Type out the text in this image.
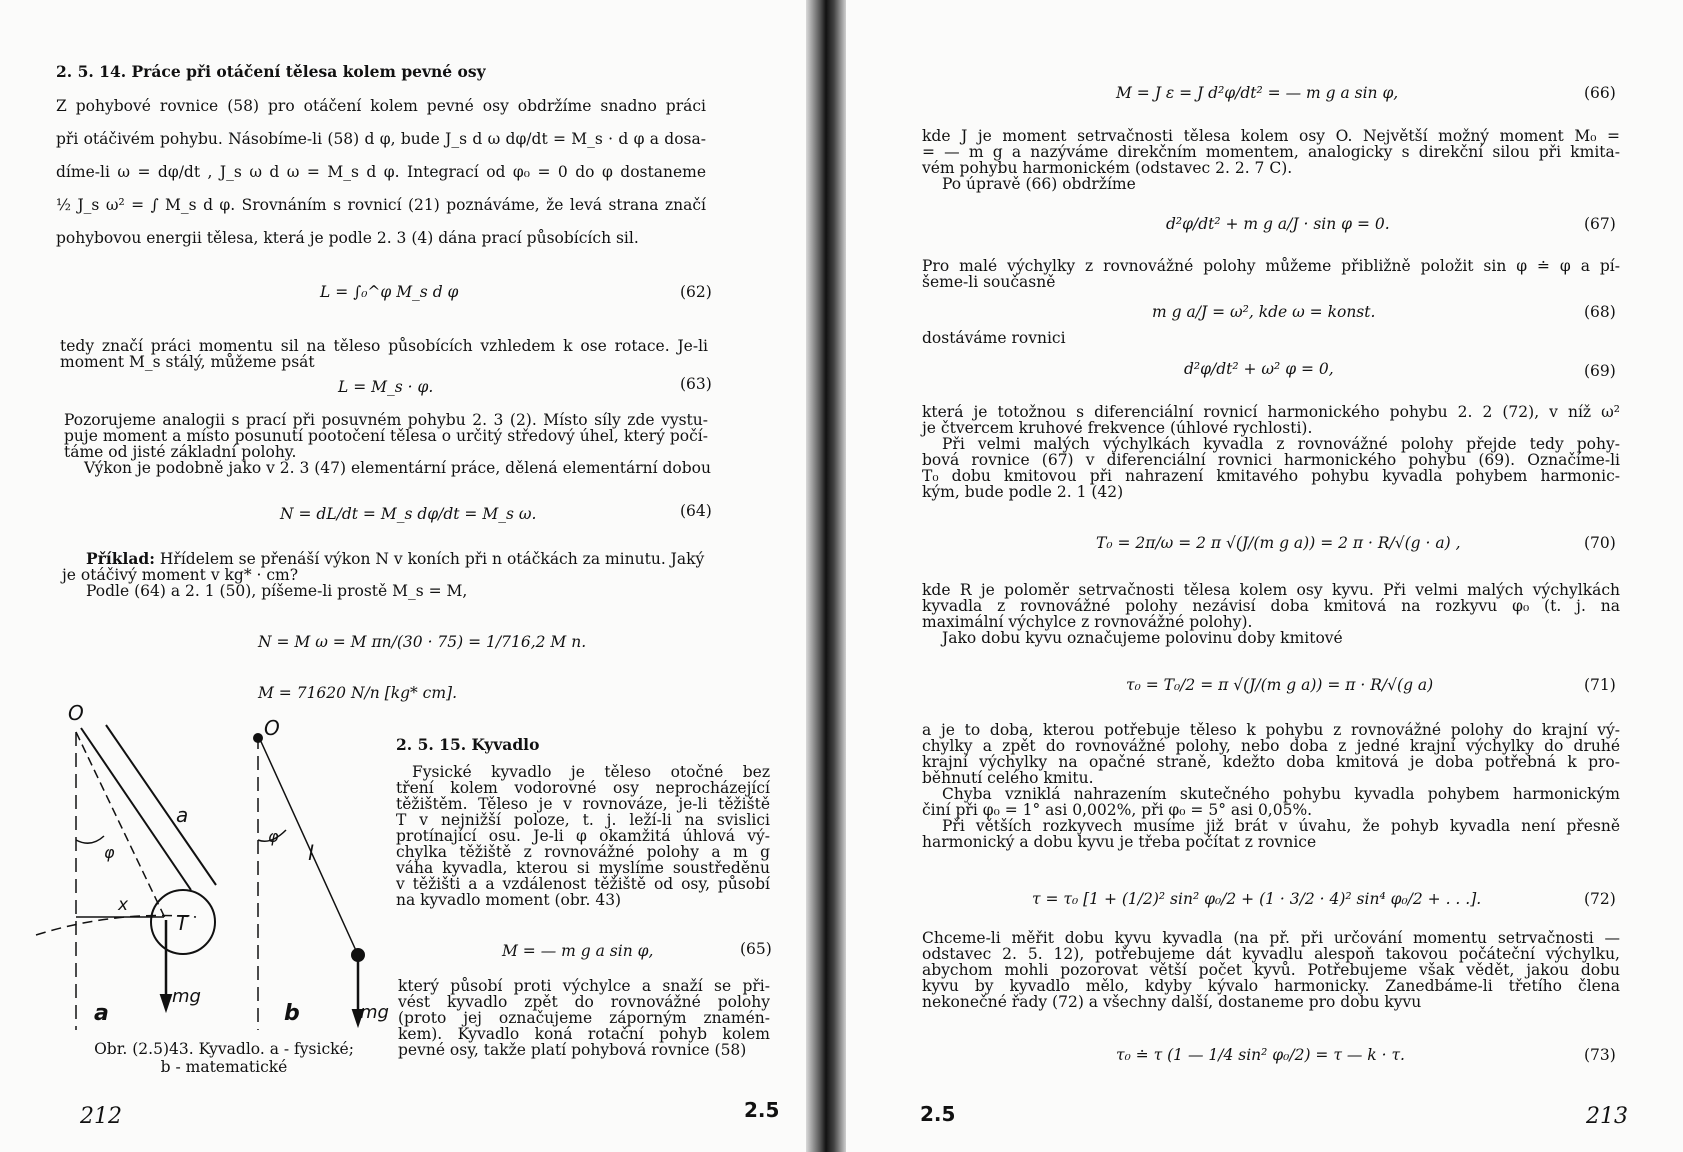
2. 5. 14. Práce při otáčení tělesa kolem pevné osy
Z pohybové rovnice (58) pro otáčení kolem pevné osy obdržíme snadno práci
při otáčivém pohybu. Násobíme-li (58) d φ, bude J_s d ω dφ/dt = M_s · d φ a dosa-
díme-li ω = dφ/dt , J_s ω d ω = M_s d φ. Integrací od φ₀ = 0 do φ dostaneme
½ J_s ω² = ∫ M_s d φ. Srovnáním s rovnicí (21) poznáváme, že levá strana značí
pohybovou energii tělesa, která je podle 2. 3 (4) dána prací působících sil.
L = ∫₀^φ M_s d φ	(62)
tedy značí práci momentu sil na těleso působících vzhledem k ose rotace. Je-li
moment M_s stálý, můžeme psát
L = M_s · φ.	(63)
Pozorujeme analogii s prací při posuvném pohybu 2. 3 (2). Místo síly zde vystu-
puje moment a místo posunutí pootočení tělesa o určitý středový úhel, který počí-
táme od jisté základní polohy.
Výkon je podobně jako v 2. 3 (47) elementární práce, dělená elementární dobou
N = dL/dt = M_s dφ/dt = M_s ω.	(64)
Příklad: Hřídelem se přenáší výkon N v koních při n otáčkách za minutu. Jaký
je otáčivý moment v kg* · cm?
Podle (64) a 2. 1 (50), píšeme-li prostě M_s = M,
N = M ω = M πn/(30 · 75) = 1/716,2 M n.
M = 71620 N/n [kg* cm].
O
a
φ
x
T
mg
a
O
φ
l
mg
b
Obr. (2.5)43. Kyvadlo. a - fysické;
b - matematické
2. 5. 15. Kyvadlo
Fysické kyvadlo je těleso otočné bez
tření kolem vodorovné osy neprocházející
těžištěm. Těleso je v rovnováze, je-li těžiště
T v nejnižší poloze, t. j. leží-li na svislici
protínající osu. Je-li φ okamžitá úhlová vý-
chylka těžiště z rovnovážné polohy a m g
váha kyvadla, kterou si myslíme soustředěnu
v těžišti a a vzdálenost těžiště od osy, působí
na kyvadlo moment (obr. 43)
M = — m g a sin φ,	(65)
který působí proti výchylce a snaží se při-
vést kyvadlo zpět do rovnovážné polohy
(proto jej označujeme záporným znamén-
kem). Kyvadlo koná rotační pohyb kolem
pevné osy, takže platí pohybová rovnice (58)
212	2.5
M = J ε = J d²φ/dt² = — m g a sin φ,	(66)
kde J je moment setrvačnosti tělesa kolem osy O. Největší možný moment M₀ =
= — m g a nazýváme direkčním momentem, analogicky s direkční silou při kmita-
vém pohybu harmonickém (odstavec 2. 2. 7 C).
Po úpravě (66) obdržíme
d²φ/dt² + m g a/J · sin φ = 0.	(67)
Pro malé výchylky z rovnovážné polohy můžeme přibližně položit sin φ ≐ φ a pí-
šeme-li současně
m g a/J = ω², kde ω = konst.	(68)
dostáváme rovnici
d²φ/dt² + ω² φ = 0,	(69)
která je totožnou s diferenciální rovnicí harmonického pohybu 2. 2 (72), v níž ω²
je čtvercem kruhové frekvence (úhlové rychlosti).
Při velmi malých výchylkách kyvadla z rovnovážné polohy přejde tedy pohy-
bová rovnice (67) v diferenciální rovnici harmonického pohybu (69). Označíme-li
T₀ dobu kmitovou při nahrazení kmitavého pohybu kyvadla pohybem harmonic-
kým, bude podle 2. 1 (42)
T₀ = 2π/ω = 2 π √(J/(m g a)) = 2 π · R/√(g · a) ,	(70)
kde R je poloměr setrvačnosti tělesa kolem osy kyvu. Při velmi malých výchylkách
kyvadla z rovnovážné polohy nezávisí doba kmitová na rozkyvu φ₀ (t. j. na
maximální výchylce z rovnovážné polohy).
Jako dobu kyvu označujeme polovinu doby kmitové
τ₀ = T₀/2 = π √(J/(m g a)) = π · R/√(g a)	(71)
a je to doba, kterou potřebuje těleso k pohybu z rovnovážné polohy do krajní vý-
chylky a zpět do rovnovážné polohy, nebo doba z jedné krajní výchylky do druhé
krajní výchylky na opačné straně, kdežto doba kmitová je doba potřebná k pro-
běhnutí celého kmitu.
Chyba vzniklá nahrazením skutečného pohybu kyvadla pohybem harmonickým
činí při φ₀ = 1° asi 0,002%, při φ₀ = 5° asi 0,05%.
Při větších rozkyvech musíme již brát v úvahu, že pohyb kyvadla není přesně
harmonický a dobu kyvu je třeba počítat z rovnice
τ = τ₀ [1 + (1/2)² sin² φ₀/2 + (1 · 3/2 · 4)² sin⁴ φ₀/2 + . . .].	(72)
Chceme-li měřit dobu kyvu kyvadla (na př. při určování momentu setrvačnosti —
odstavec 2. 5. 12), potřebujeme dát kyvadlu alespoň takovou počáteční výchylku,
abychom mohli pozorovat větší počet kyvů. Potřebujeme však vědět, jakou dobu
kyvu by kyvadlo mělo, kdyby kývalo harmonicky. Zanedbáme-li třetího člena
nekonečné řady (72) a všechny další, dostaneme pro dobu kyvu
τ₀ ≐ τ (1 — 1/4 sin² φ₀/2) = τ — k · τ.	(73)
2.5	213
